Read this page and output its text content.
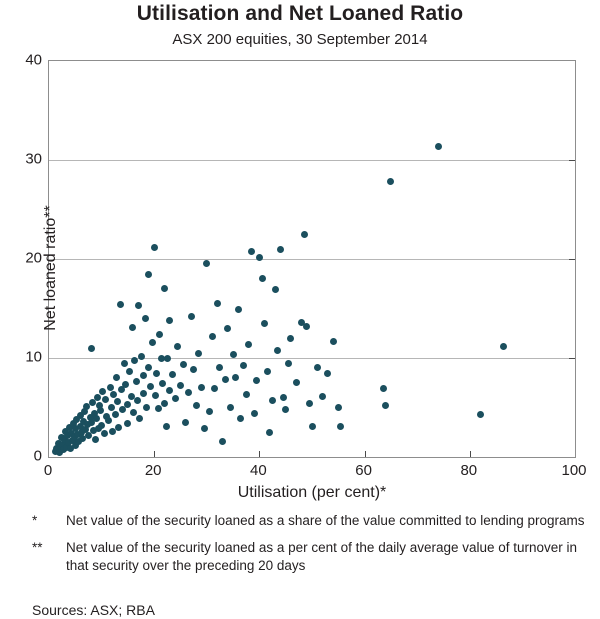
Utilisation and Net Loaned Ratio
ASX 200 equities, 30 September 2014
0
10
20
30
40
0	20	40	60	80	100
Utilisation (per cent)*
Net loaned ratio**
*	Net value of the security loaned as a share of the value committed to lending programs
**	Net value of the security loaned as a per cent of the daily average value of turnover in that security over the preceding 20 days
Sources: ASX; RBA
